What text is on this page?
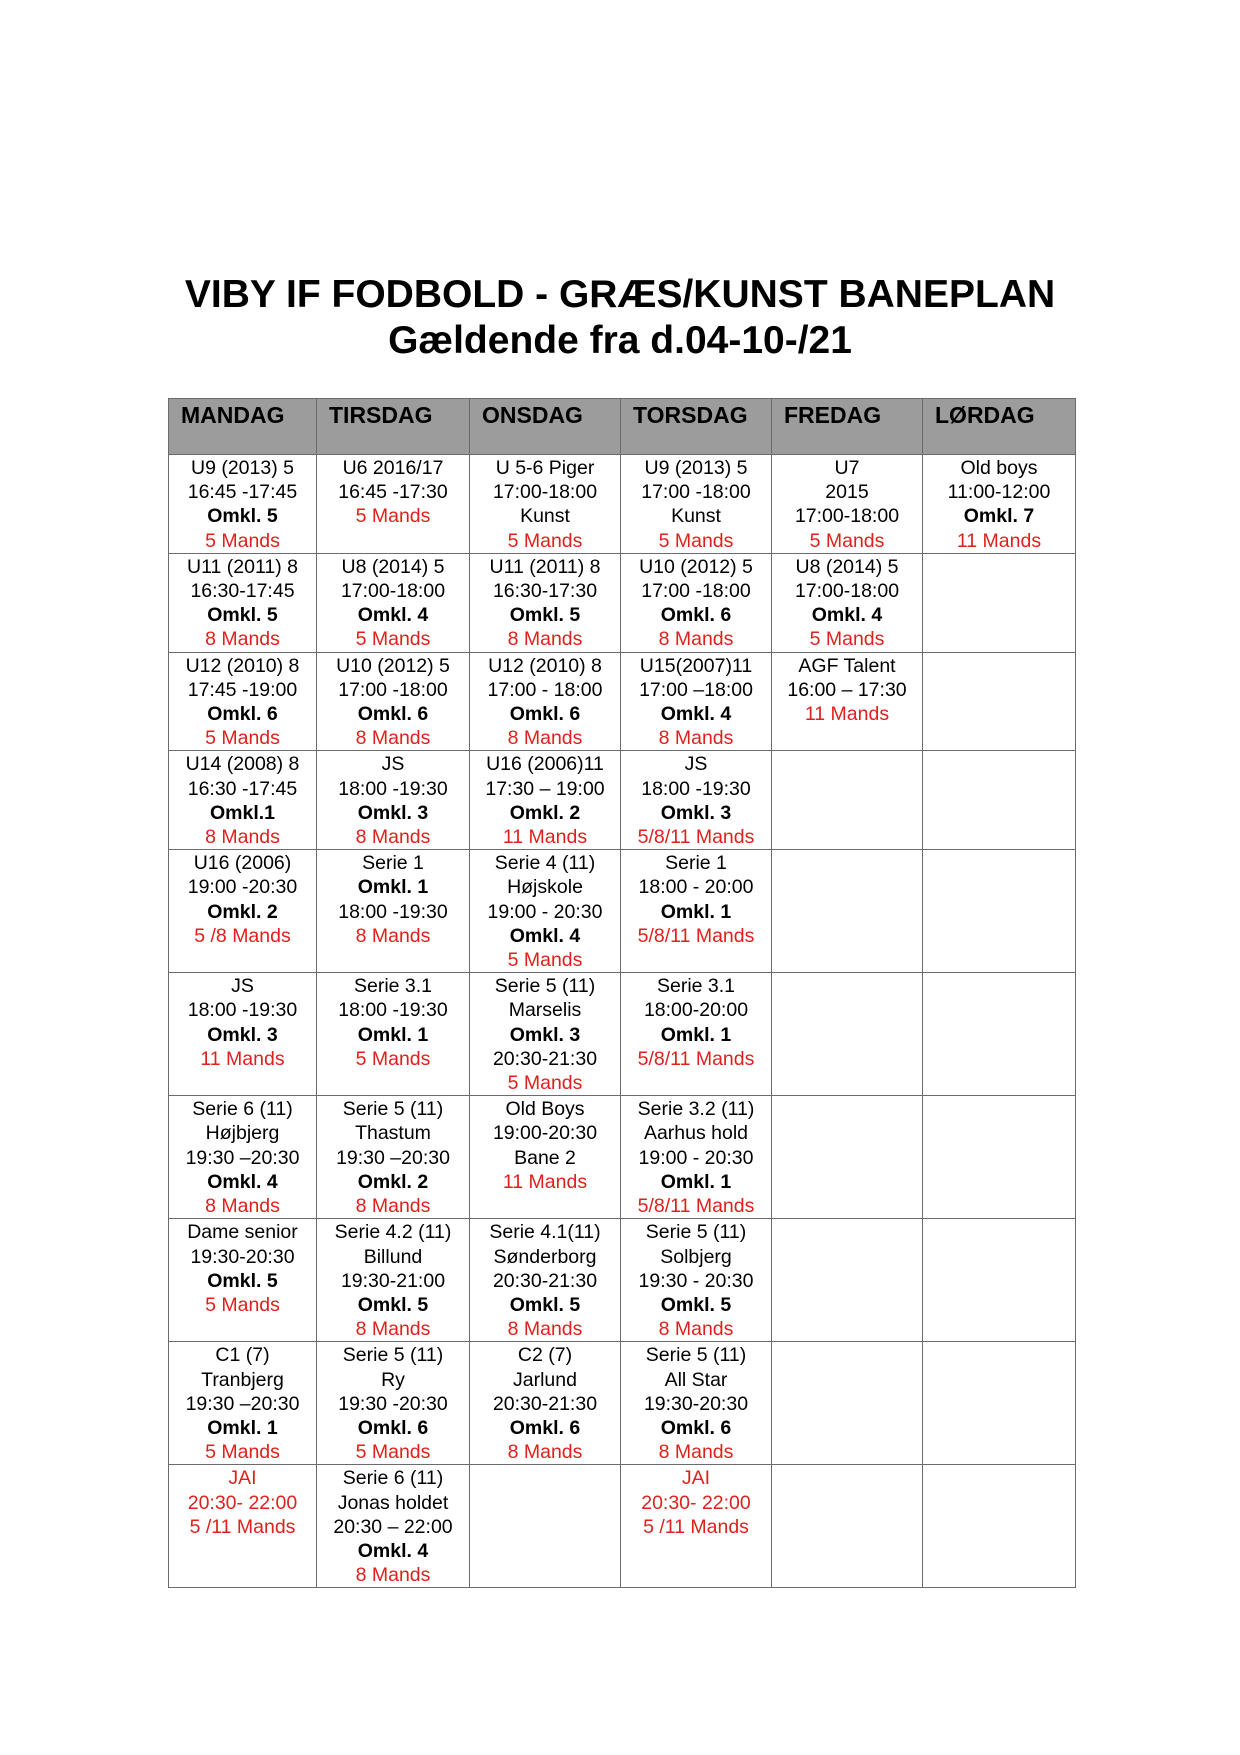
VIBY IF FODBOLD - GRÆS/KUNST BANEPLAN
Gældende fra d.04-10-/21
MANDAG	TIRSDAG	ONSDAG	TORSDAG	FREDAG	LØRDAG

U9 (2013) 5
16:45 -17:45
Omkl. 5
5 Mands	U6 2016/17
16:45 -17:30
5 Mands	U 5-6 Piger
17:00-18:00
Kunst
5 Mands	U9 (2013) 5
17:00 -18:00
Kunst
5 Mands	U7
2015
17:00-18:00
5 Mands	Old boys
11:00-12:00
Omkl. 7
11 Mands

U11 (2011) 8
16:30-17:45
Omkl. 5
8 Mands	U8 (2014) 5
17:00-18:00
Omkl. 4
5 Mands	U11 (2011) 8
16:30-17:30
Omkl. 5
8 Mands	U10 (2012) 5
17:00 -18:00
Omkl. 6
8 Mands	U8 (2014) 5
17:00-18:00
Omkl. 4
5 Mands	

U12 (2010) 8
17:45 -19:00
Omkl. 6
5 Mands	U10 (2012) 5
17:00 -18:00
Omkl. 6
8 Mands	U12 (2010) 8
17:00 - 18:00
Omkl. 6
8 Mands	U15(2007)11
17:00 –18:00
Omkl. 4
8 Mands	AGF Talent
16:00 – 17:30
11 Mands	

U14 (2008) 8
16:30 -17:45
Omkl.1
8 Mands	JS
18:00 -19:30
Omkl. 3
8 Mands	U16 (2006)11
17:30 – 19:00
Omkl. 2
11 Mands	JS
18:00 -19:30
Omkl. 3
5/8/11 Mands		

U16 (2006)
19:00 -20:30
Omkl. 2
5 /8 Mands	Serie 1
Omkl. 1
18:00 -19:30
8 Mands	Serie 4 (11)
Højskole
19:00 - 20:30
Omkl. 4
5 Mands	Serie 1
18:00 - 20:00
Omkl. 1
5/8/11 Mands		

JS
18:00 -19:30
Omkl. 3
11 Mands	Serie 3.1
18:00 -19:30
Omkl. 1
5 Mands	Serie 5 (11)
Marselis
Omkl. 3
20:30-21:30
5 Mands	Serie 3.1
18:00-20:00
Omkl. 1
5/8/11 Mands		

Serie 6 (11)
Højbjerg
19:30 –20:30
Omkl. 4
8 Mands	Serie 5 (11)
Thastum
19:30 –20:30
Omkl. 2
8 Mands	Old Boys
19:00-20:30
Bane 2
11 Mands	Serie 3.2 (11)
Aarhus hold
19:00 - 20:30
Omkl. 1
5/8/11 Mands		

Dame senior
19:30-20:30
Omkl. 5
5 Mands	Serie 4.2 (11)
Billund
19:30-21:00
Omkl. 5
8 Mands	Serie 4.1(11)
Sønderborg
20:30-21:30
Omkl. 5
8 Mands	Serie 5 (11)
Solbjerg
19:30 - 20:30
Omkl. 5
8 Mands		

C1 (7)
Tranbjerg
19:30 –20:30
Omkl. 1
5 Mands	Serie 5 (11)
Ry
19:30 -20:30
Omkl. 6
5 Mands	C2 (7)
Jarlund
20:30-21:30
Omkl. 6
8 Mands	Serie 5 (11)
All Star
19:30-20:30
Omkl. 6
8 Mands		

JAI
20:30- 22:00
5 /11 Mands	Serie 6 (11)
Jonas holdet
20:30 – 22:00
Omkl. 4
8 Mands		JAI
20:30- 22:00
5 /11 Mands		
